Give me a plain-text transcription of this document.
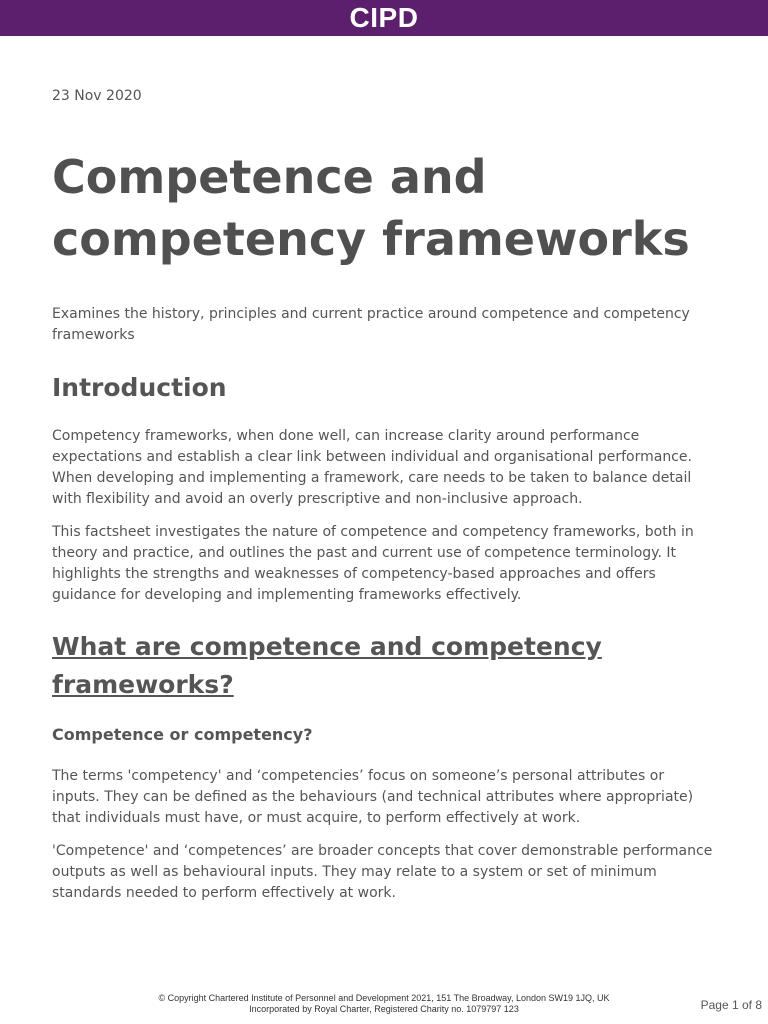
CIPD
23 Nov 2020
Competence and
competency frameworks

Examines the history, principles and current practice around competence and competency frameworks

Introduction

Competency frameworks, when done well, can increase clarity around performance expectations and establish a clear link between individual and organisational performance. When developing and implementing a framework, care needs to be taken to balance detail with flexibility and avoid an overly prescriptive and non-inclusive approach.

This factsheet investigates the nature of competence and competency frameworks, both in theory and practice, and outlines the past and current use of competence terminology. It highlights the strengths and weaknesses of competency-based approaches and offers guidance for developing and implementing frameworks effectively.

What are competence and competency frameworks?
Competence or competency?

The terms 'competency' and ‘competencies’ focus on someone’s personal attributes or inputs. They can be defined as the behaviours (and technical attributes where appropriate) that individuals must have, or must acquire, to perform effectively at work.

'Competence' and ‘competences’ are broader concepts that cover demonstrable performance outputs as well as behavioural inputs. They may relate to a system or set of minimum standards needed to perform effectively at work.

© Copyright Chartered Institute of Personnel and Development 2021, 151 The Broadway, London SW19 1JQ, UK
Incorporated by Royal Charter, Registered Charity no. 1079797 123	Page 1 of 8
